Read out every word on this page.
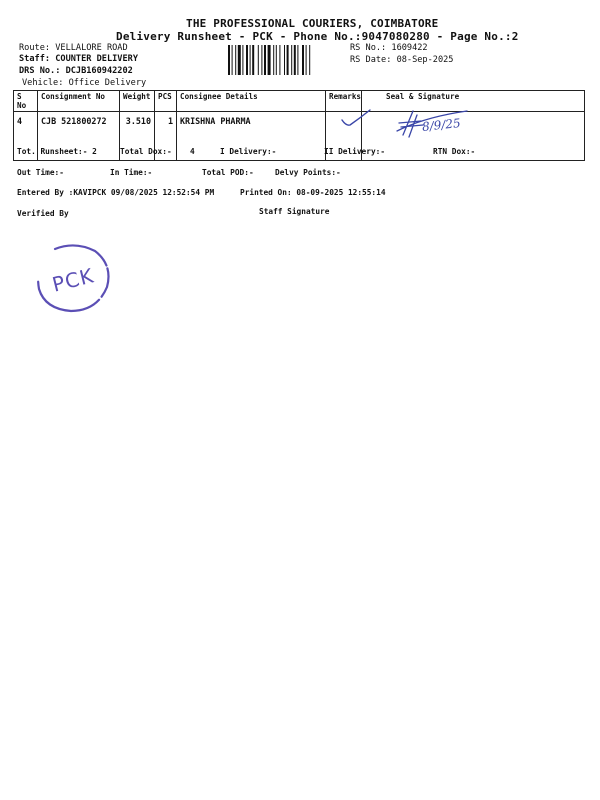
THE PROFESSIONAL COURIERS, COIMBATORE
Delivery Runsheet - PCK - Phone No.:9047080280 - Page No.:2
Route: VELLALORE ROAD
Staff: COUNTER DELIVERY
DRS No.: DCJB160942202
Vehicle: Office Delivery
RS No.: 1609422
RS Date: 08-Sep-2025
S No	Consignment No	Weight	PCS	Consignee Details	Remarks	Seal & Signature
4	CJB 521800272	3.510	1	KRISHNA PHARMA			8/9/25
Tot. Runsheet:- 2	Total Dox:- 4	I Delivery:-	II Delivery:-	RTN Dox:-
Out Time:-	In Time:-	Total POD:-	Delvy Points:-
Entered By :KAVIPCK 09/08/2025 12:52:54 PM	Printed On: 08-09-2025 12:55:14
Verified By	Staff Signature
PCK
